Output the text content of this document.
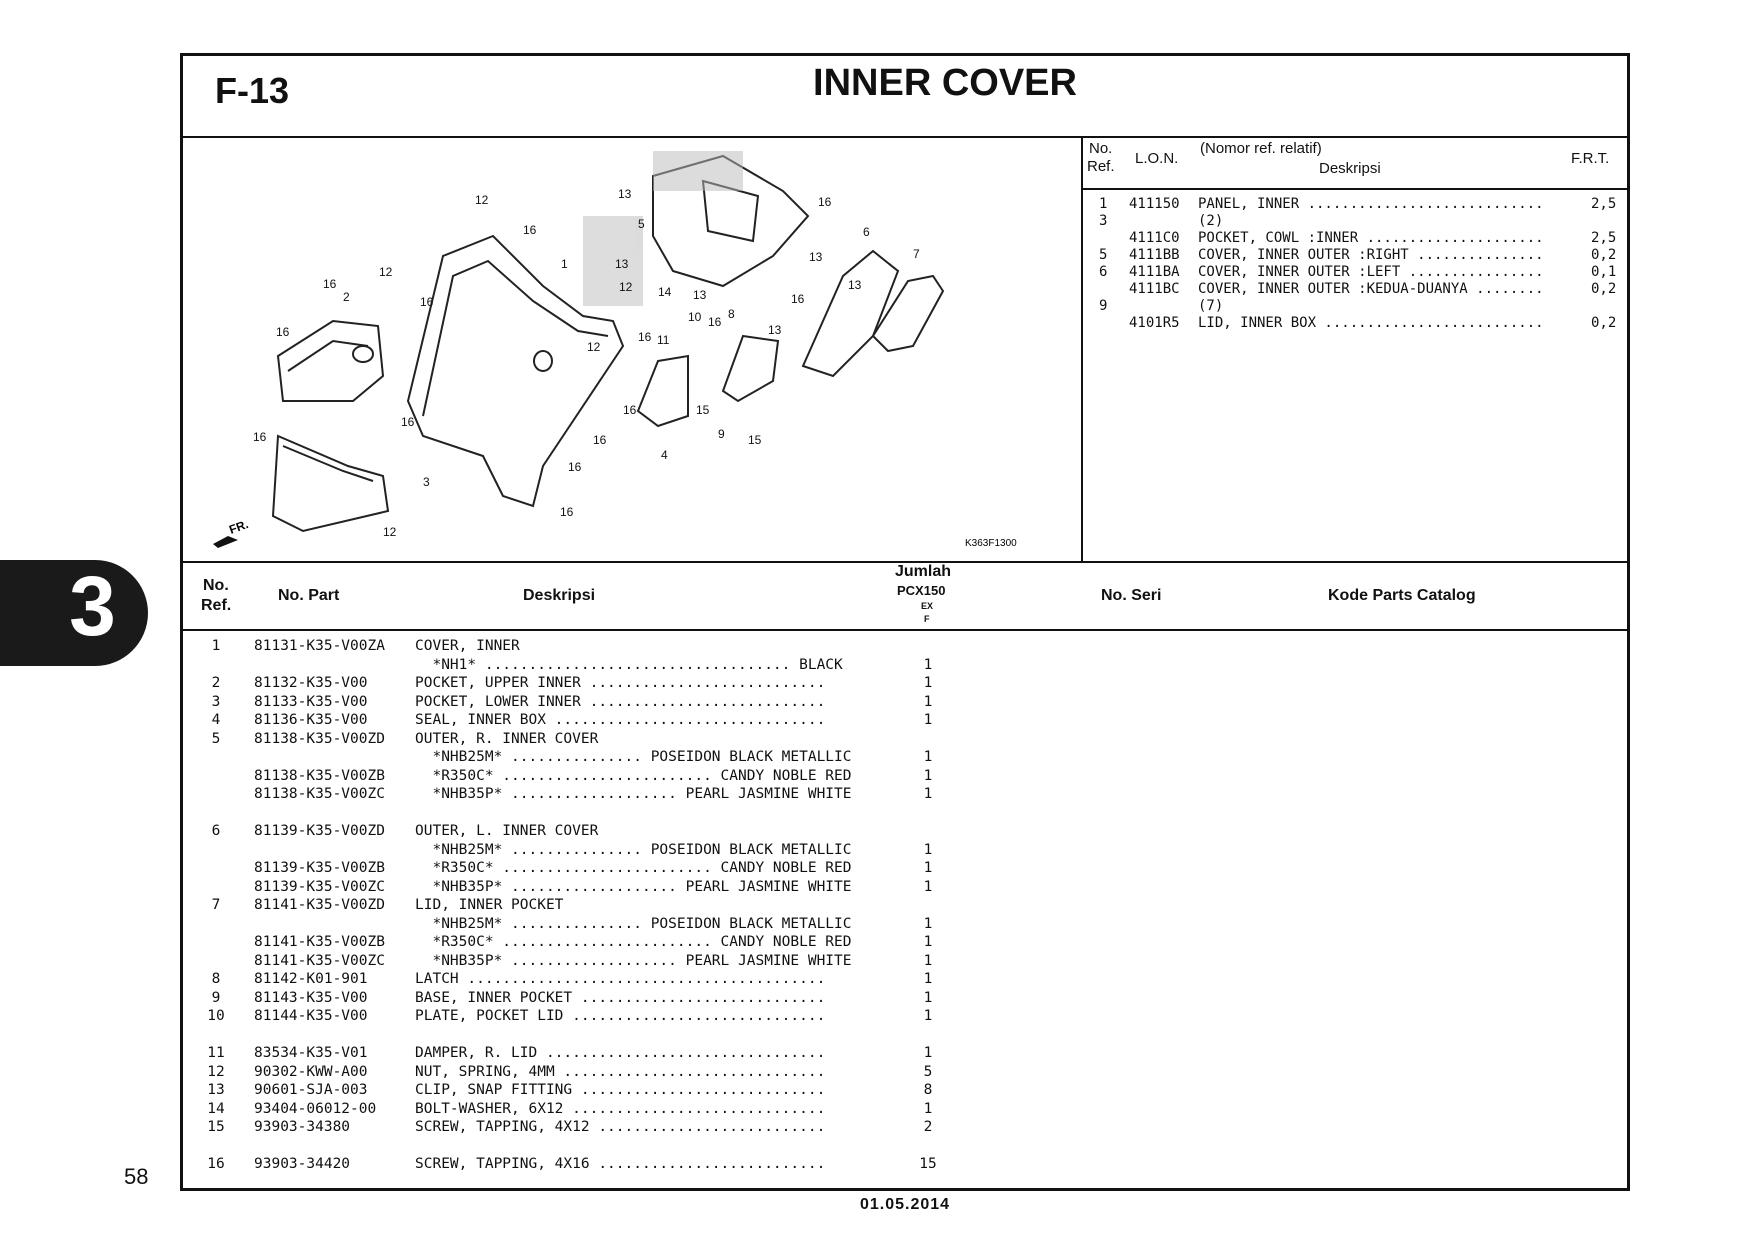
3
58
01.05.2014
F-13	INNER COVER
12	13
16
5
6
16
12
1	13
12 14 13	16
13
13
7
2
16
16
16
10 8
16
11
12
16	13
15
16
9 15
4
16
16
16
3
16
16
12
FR.
K363F1300
No.
Ref. L.O.N.
(Nomor ref. relatif)
Deskripsi
F.R.T.
1 411150 PANEL, INNER ............................	2,5
3	(2)
4111C0 POCKET, COWL :INNER .....................	2,5
5 4111BB COVER, INNER OUTER :RIGHT ...............	0,2
6 4111BA COVER, INNER OUTER :LEFT ................	0,1
4111BC COVER, INNER OUTER :KEDUA-DUANYA ........	0,2
9	(7)
4101R5 LID, INNER BOX ..........................	0,2
No.
Ref.
No. Part	Deskripsi
Jumlah
PCX150
EX
F
No. Seri	Kode Parts Catalog
1	81131-K35-V00ZA COVER, INNER
*NH1* ................................... BLACK	1
2	81132-K35-V00	POCKET, UPPER INNER ...........................	1
3	81133-K35-V00	POCKET, LOWER INNER ...........................	1
4	81136-K35-V00	SEAL, INNER BOX ...............................	1
5	81138-K35-V00ZD OUTER, R. INNER COVER
*NHB25M* ............... POSEIDON BLACK METALLIC	1
81138-K35-V00ZB *R350C* ........................ CANDY NOBLE RED	1
81138-K35-V00ZC *NHB35P* ................... PEARL JASMINE WHITE	1
6	81139-K35-V00ZD OUTER, L. INNER COVER
*NHB25M* ............... POSEIDON BLACK METALLIC	1
81139-K35-V00ZB *R350C* ........................ CANDY NOBLE RED	1
81139-K35-V00ZC *NHB35P* ................... PEARL JASMINE WHITE	1
7	81141-K35-V00ZD LID, INNER POCKET
*NHB25M* ............... POSEIDON BLACK METALLIC	1
81141-K35-V00ZB *R350C* ........................ CANDY NOBLE RED	1
81141-K35-V00ZC *NHB35P* ................... PEARL JASMINE WHITE	1
8	81142-K01-901	LATCH .........................................	1
9	81143-K35-V00	BASE, INNER POCKET ............................	1
10	81144-K35-V00	PLATE, POCKET LID .............................	1
11	83534-K35-V01	DAMPER, R. LID ................................	1
12	90302-KWW-A00	NUT, SPRING, 4MM ..............................	5
13	90601-SJA-003	CLIP, SNAP FITTING ............................	8
14	93404-06012-00	BOLT-WASHER, 6X12 .............................	1
15	93903-34380	SCREW, TAPPING, 4X12 ..........................	2
16	93903-34420	SCREW, TAPPING, 4X16 ..........................	15
